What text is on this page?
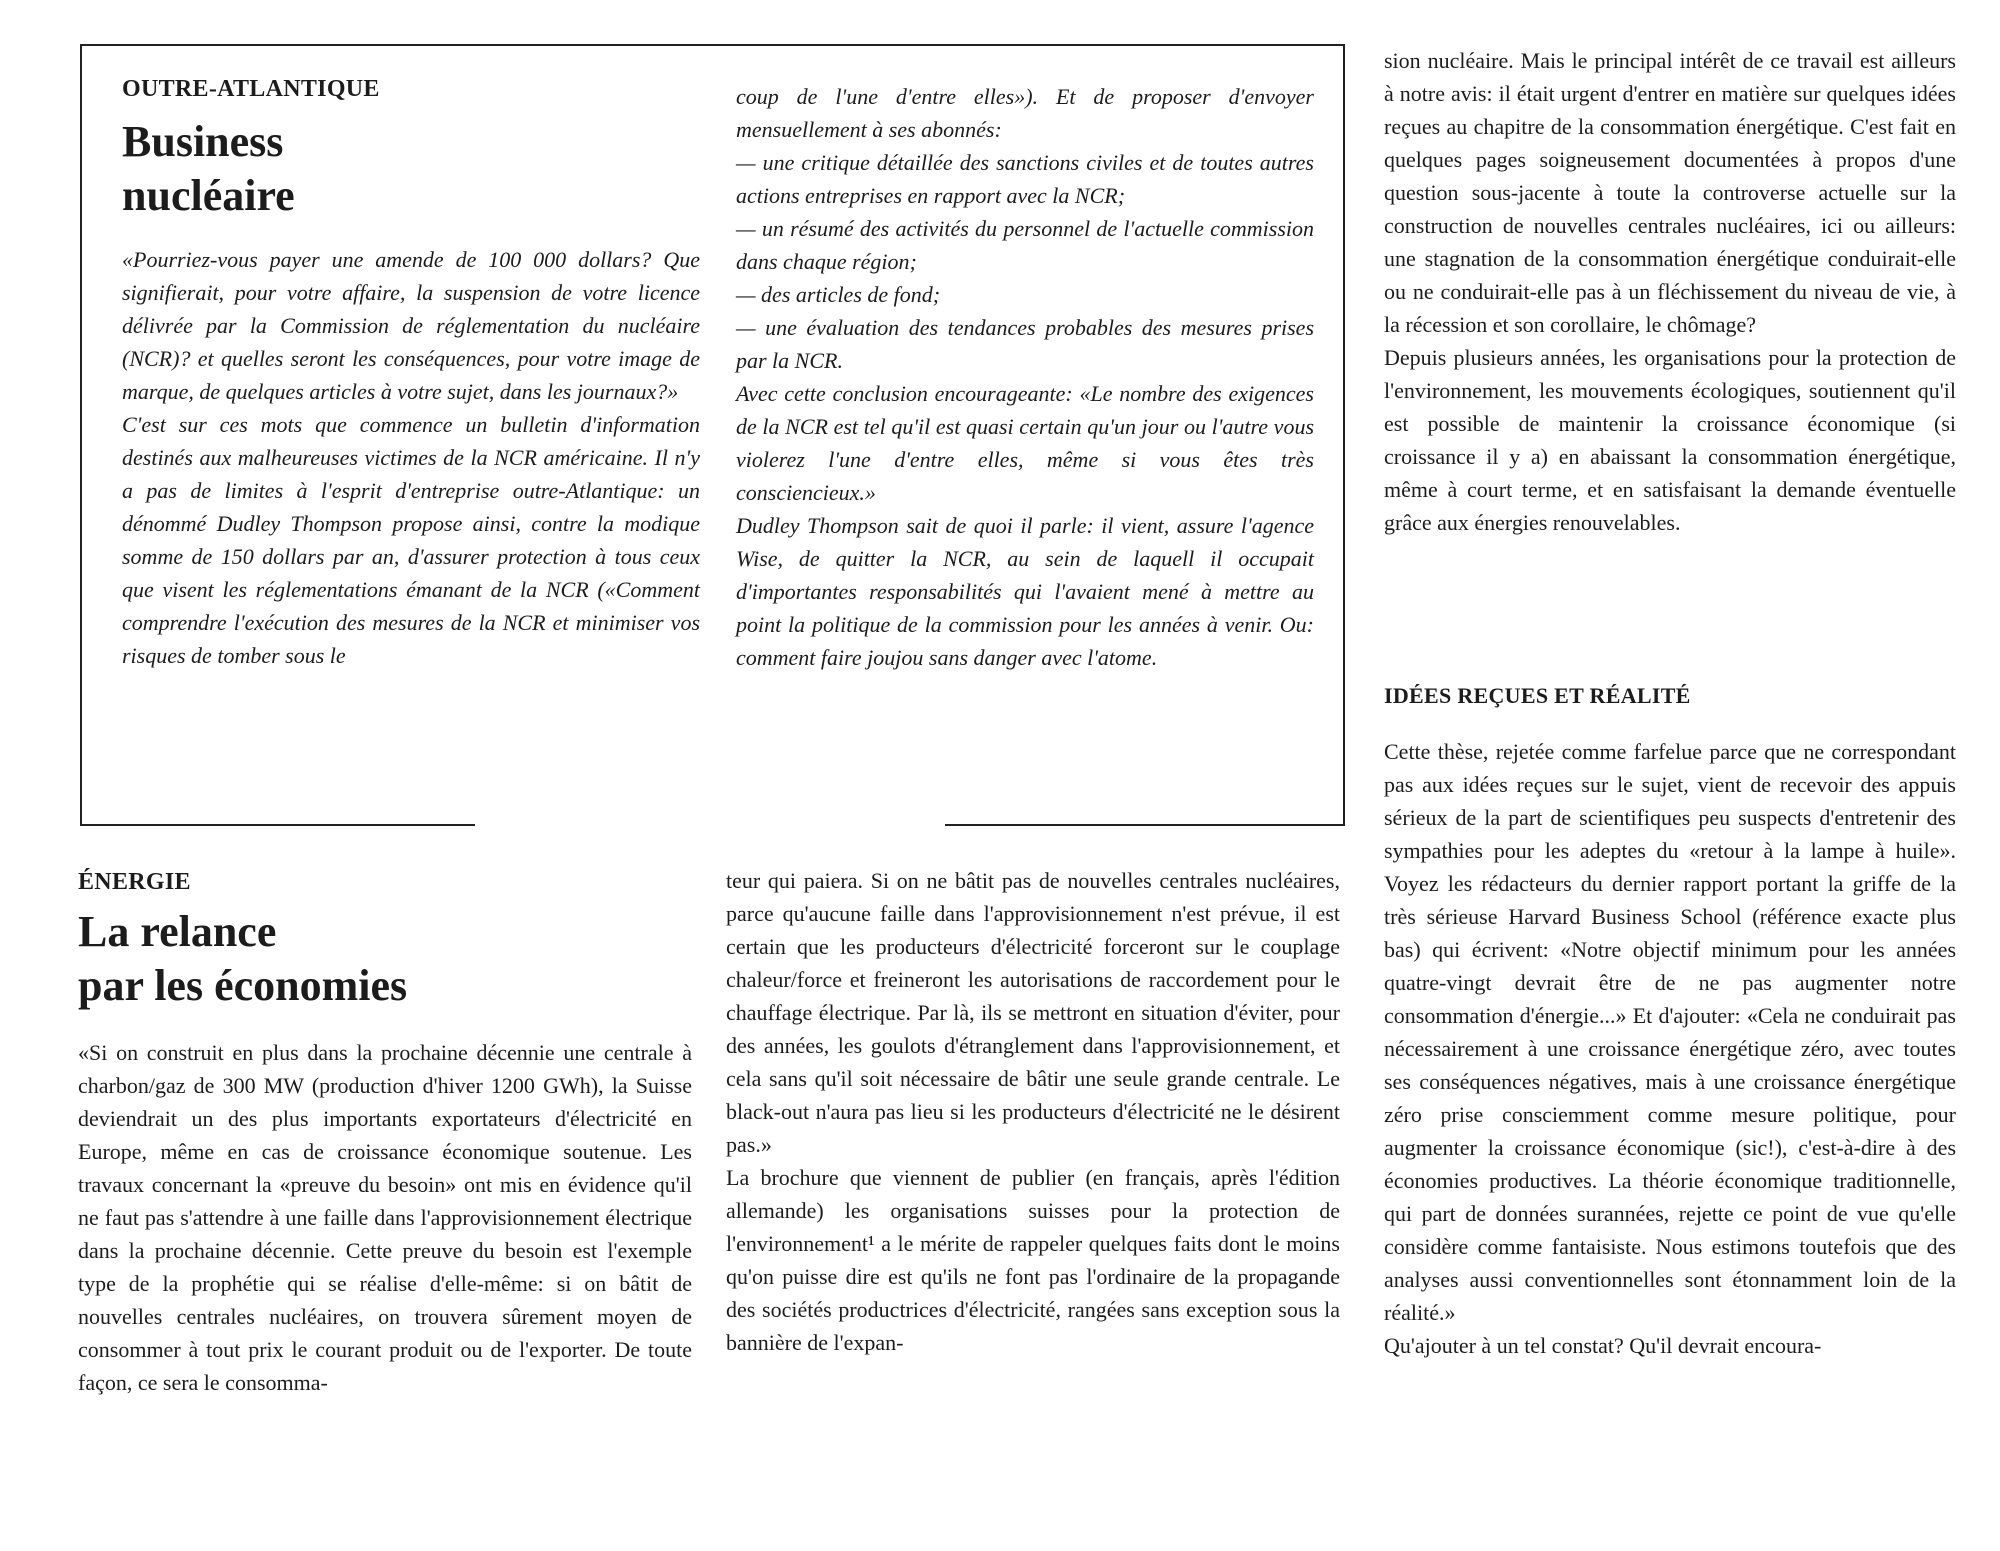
OUTRE-ATLANTIQUE
Business
nucléaire

«Pourriez-vous payer une amende de 100 000 dollars? Que signifierait, pour votre affaire, la suspension de votre licence délivrée par la Commission de réglementation du nucléaire (NCR)? et quelles seront les conséquences, pour votre image de marque, de quelques articles à votre sujet, dans les journaux?»

C'est sur ces mots que commence un bulletin d'information destinés aux malheureuses victimes de la NCR américaine. Il n'y a pas de limites à l'esprit d'entreprise outre-Atlantique: un dénommé Dudley Thompson propose ainsi, contre la modique somme de 150 dollars par an, d'assurer protection à tous ceux que visent les réglementations émanant de la NCR («Comment comprendre l'exécution des mesures de la NCR et minimiser vos risques de tomber sous le

coup de l'une d'entre elles»). Et de proposer d'envoyer mensuellement à ses abonnés:

— une critique détaillée des sanctions civiles et de toutes autres actions entreprises en rapport avec la NCR;

— un résumé des activités du personnel de l'actuelle commission dans chaque région;

— des articles de fond;

— une évaluation des tendances probables des mesures prises par la NCR.

Avec cette conclusion encourageante: «Le nombre des exigences de la NCR est tel qu'il est quasi certain qu'un jour ou l'autre vous violerez l'une d'entre elles, même si vous êtes très consciencieux.»

Dudley Thompson sait de quoi il parle: il vient, assure l'agence Wise, de quitter la NCR, au sein de laquell il occupait d'importantes responsabilités qui l'avaient mené à mettre au point la politique de la commission pour les années à venir. Ou: comment faire joujou sans danger avec l'atome.

ÉNERGIE
La relance
par les économies

«Si on construit en plus dans la prochaine décennie une centrale à charbon/gaz de 300 MW (production d'hiver 1200 GWh), la Suisse deviendrait un des plus importants exportateurs d'électricité en Europe, même en cas de croissance économique soutenue. Les travaux concernant la «preuve du besoin» ont mis en évidence qu'il ne faut pas s'attendre à une faille dans l'approvisionnement électrique dans la prochaine décennie. Cette preuve du besoin est l'exemple type de la prophétie qui se réalise d'elle-même: si on bâtit de nouvelles centrales nucléaires, on trouvera sûrement moyen de consommer à tout prix le courant produit ou de l'exporter. De toute façon, ce sera le consomma-

teur qui paiera. Si on ne bâtit pas de nouvelles centrales nucléaires, parce qu'aucune faille dans l'approvisionnement n'est prévue, il est certain que les producteurs d'électricité forceront sur le couplage chaleur/force et freineront les autorisations de raccordement pour le chauffage électrique. Par là, ils se mettront en situation d'éviter, pour des années, les goulots d'étranglement dans l'approvisionnement, et cela sans qu'il soit nécessaire de bâtir une seule grande centrale. Le black-out n'aura pas lieu si les producteurs d'électricité ne le désirent pas.»

La brochure que viennent de publier (en français, après l'édition allemande) les organisations suisses pour la protection de l'environnement¹ a le mérite de rappeler quelques faits dont le moins qu'on puisse dire est qu'ils ne font pas l'ordinaire de la propagande des sociétés productrices d'électricité, rangées sans exception sous la bannière de l'expan-

sion nucléaire. Mais le principal intérêt de ce travail est ailleurs à notre avis: il était urgent d'entrer en matière sur quelques idées reçues au chapitre de la consommation énergétique. C'est fait en quelques pages soigneusement documentées à propos d'une question sous-jacente à toute la controverse actuelle sur la construction de nouvelles centrales nucléaires, ici ou ailleurs: une stagnation de la consommation énergétique conduirait-elle ou ne conduirait-elle pas à un fléchissement du niveau de vie, à la récession et son corollaire, le chômage?

Depuis plusieurs années, les organisations pour la protection de l'environnement, les mouvements écologiques, soutiennent qu'il est possible de maintenir la croissance économique (si croissance il y a) en abaissant la consommation énergétique, même à court terme, et en satisfaisant la demande éventuelle grâce aux énergies renouvelables.

IDÉES REÇUES ET RÉALITÉ

Cette thèse, rejetée comme farfelue parce que ne correspondant pas aux idées reçues sur le sujet, vient de recevoir des appuis sérieux de la part de scientifiques peu suspects d'entretenir des sympathies pour les adeptes du «retour à la lampe à huile». Voyez les rédacteurs du dernier rapport portant la griffe de la très sérieuse Harvard Business School (référence exacte plus bas) qui écrivent: «Notre objectif minimum pour les années quatre-vingt devrait être de ne pas augmenter notre consommation d'énergie...» Et d'ajouter: «Cela ne conduirait pas nécessairement à une croissance énergétique zéro, avec toutes ses conséquences négatives, mais à une croissance énergétique zéro prise consciemment comme mesure politique, pour augmenter la croissance économique (sic!), c'est-à-dire à des économies productives. La théorie économique traditionnelle, qui part de données surannées, rejette ce point de vue qu'elle considère comme fantaisiste. Nous estimons toutefois que des analyses aussi conventionnelles sont étonnamment loin de la réalité.»

Qu'ajouter à un tel constat? Qu'il devrait encoura-
